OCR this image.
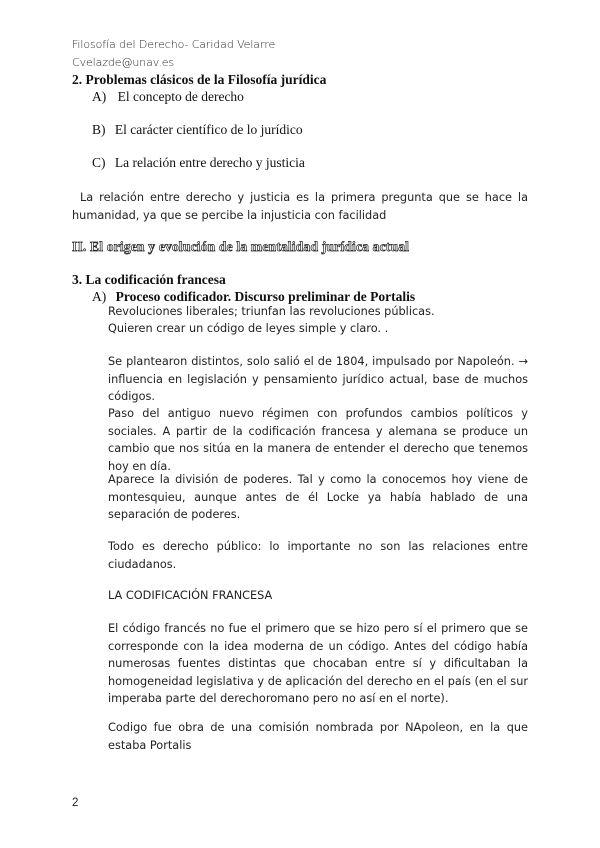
Filosofía del Derecho- Caridad Velarre
Cvelazde@unav.es
2. Problemas clásicos de la Filosofía jurídica
A) El concepto de derecho
B) El carácter científico de lo jurídico
C) La relación entre derecho y justicia
La relación entre derecho y justicia es la primera pregunta que se hace la humanidad, ya que se percibe la injusticia con facilidad
II. El origen y evolución de la mentalidad jurídica actual
3. La codificación francesa
A) Proceso codificador. Discurso preliminar de Portalis
Revoluciones liberales; triunfan las revoluciones públicas.
Quieren crear un código de leyes simple y claro. .
Se plantearon distintos, solo salió el de 1804, impulsado por Napoleón. → influencia en legislación y pensamiento jurídico actual, base de muchos códigos.
Paso del antiguo nuevo régimen con profundos cambios políticos y sociales. A partir de la codificación francesa y alemana se produce un cambio que nos sitúa en la manera de entender el derecho que tenemos hoy en día.
Aparece la división de poderes. Tal y como la conocemos hoy viene de montesquieu, aunque antes de él Locke ya había hablado de una separación de poderes.
Todo es derecho público: lo importante no son las relaciones entre ciudadanos.
LA CODIFICACIÓN FRANCESA
El código francés no fue el primero que se hizo pero sí el primero que se corresponde con la idea moderna de un código. Antes del código había numerosas fuentes distintas que chocaban entre sí y dificultaban la homogeneidad legislativa y de aplicación del derecho en el país (en el sur imperaba parte del derechoromano pero no así en el norte).
Codigo fue obra de una comisión nombrada por NApoleon, en la que estaba Portalis
2
